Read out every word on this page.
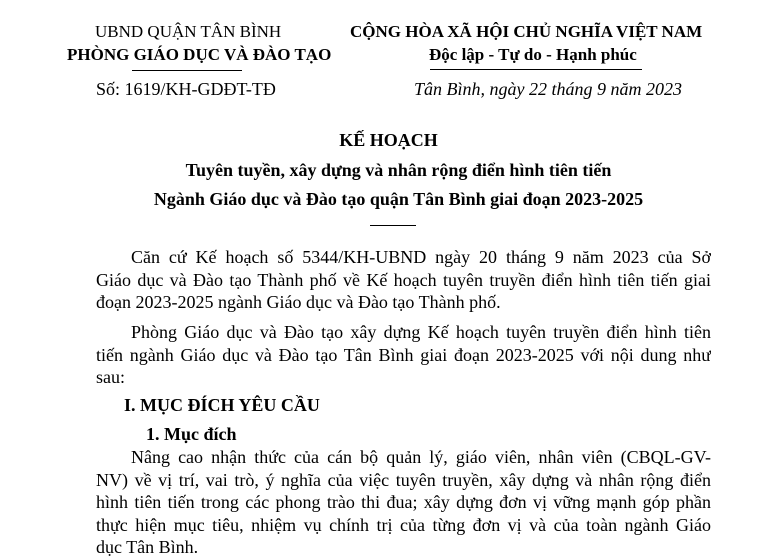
UBND QUẬN TÂN BÌNH
PHÒNG GIÁO DỤC VÀ ĐÀO TẠO
CỘNG HÒA XÃ HỘI CHỦ NGHĨA VIỆT NAM
Độc lập - Tự do - Hạnh phúc
Số: 1619/KH-GDĐT-TĐ	Tân Bình, ngày 22 tháng 9 năm 2023
KẾ HOẠCH
Tuyên tuyền, xây dựng và nhân rộng điển hình tiên tiến
Ngành Giáo dục và Đào tạo quận Tân Bình giai đoạn 2023-2025
Căn cứ Kế hoạch số 5344/KH-UBND ngày 20 tháng 9 năm 2023 của Sở
Giáo dục và Đào tạo Thành phố về Kế hoạch tuyên truyền điển hình tiên tiến giai
đoạn 2023-2025 ngành Giáo dục và Đào tạo Thành phố.
Phòng Giáo dục và Đào tạo xây dựng Kế hoạch tuyên truyền điển hình tiên
tiến ngành Giáo dục và Đào tạo Tân Bình giai đoạn 2023-2025 với nội dung như
sau:
I. MỤC ĐÍCH YÊU CẦU
1. Mục đích
Nâng cao nhận thức của cán bộ quản lý, giáo viên, nhân viên (CBQL-GV-
NV) về vị trí, vai trò, ý nghĩa của việc tuyên truyền, xây dựng và nhân rộng điển
hình tiên tiến trong các phong trào thi đua; xây dựng đơn vị vững mạnh góp phần
thực hiện mục tiêu, nhiệm vụ chính trị của từng đơn vị và của toàn ngành Giáo
dục Tân Bình.
